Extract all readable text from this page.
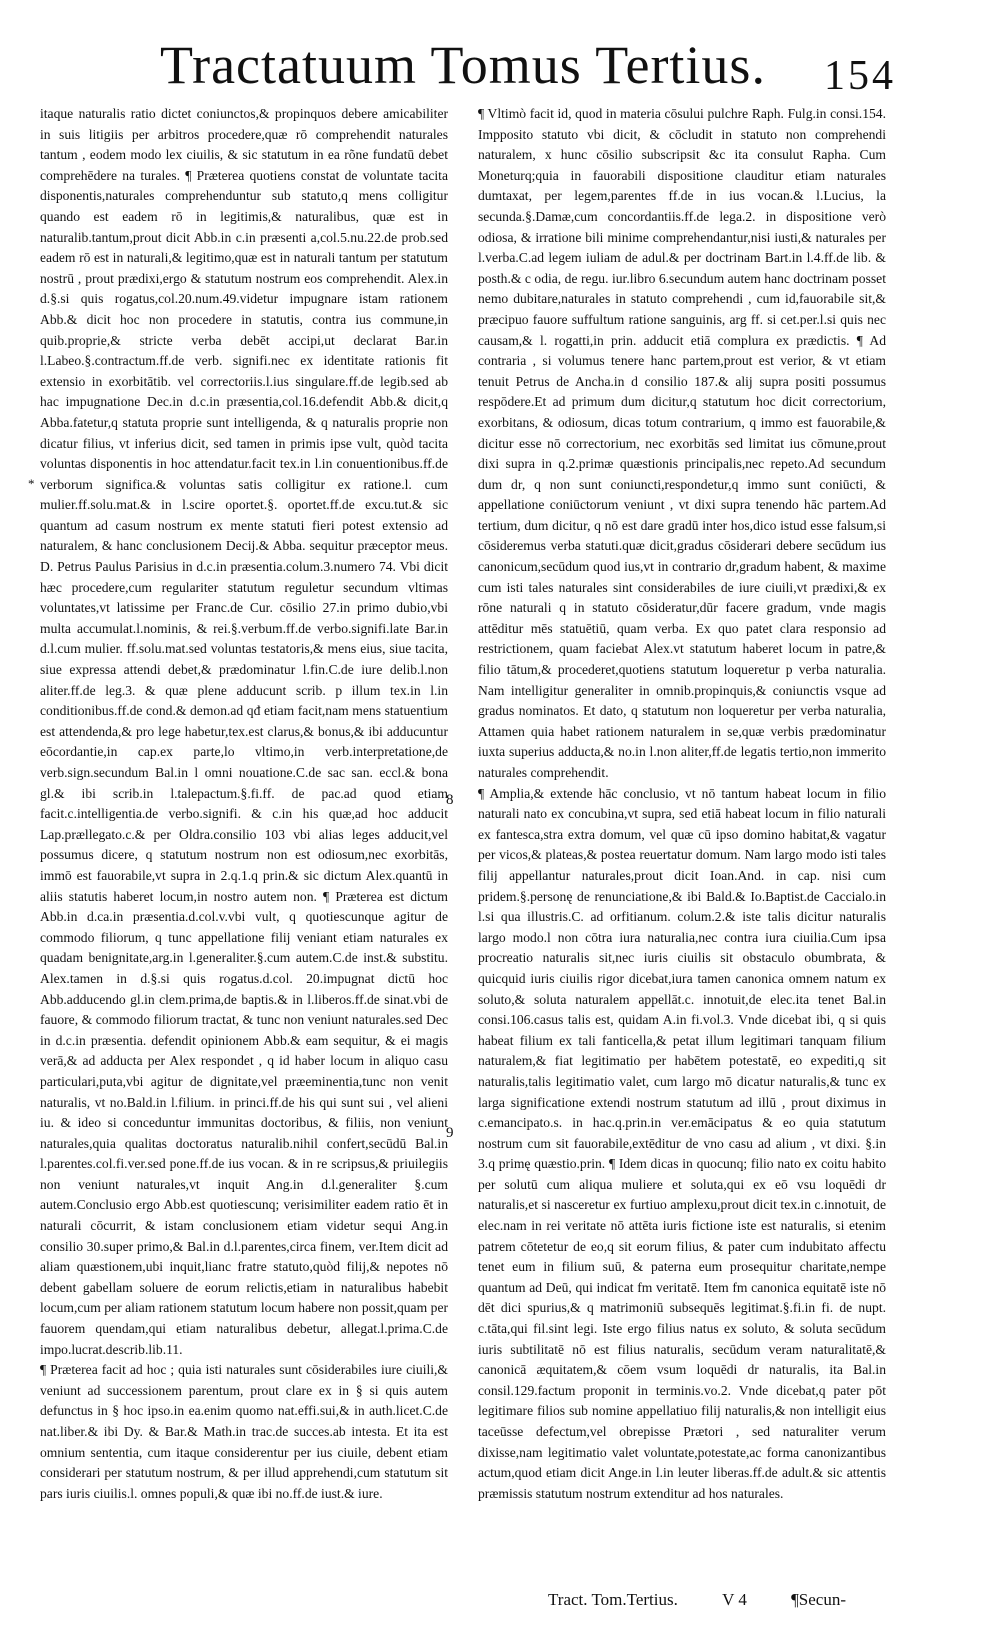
Tractatuum Tomus Tertius. 154

itaque naturalis ratio dictet coniunctos,& propinquos debere amicabiliter in suis litigiis per arbitros procedere,quæ rō comprehendit naturales tantum , eodem modo lex ciuilis, & sic statutum in ea rõne fundatū debet comprehēdere na turales. ¶ Præterea quotiens constat de voluntate tacita disponentis,naturales comprehenduntur sub statuto,q mens colligitur quando est eadem rō in legitimis,& naturalibus, quæ est in naturalib.tantum,prout dicit Abb.in c.in præsenti a,col.5.nu.22.de prob.sed eadem rō est in naturali,& legitimo,quæ est in naturali tantum per statutum nostrū , prout prædixi,ergo & statutum nostrum eos comprehendit. Alex.in d.§.si quis rogatus,col.20.num.49.videtur impugnare istam rationem Abb.& dicit hoc non procedere in statutis, contra ius commune,in quib.proprie,& stricte verba debēt accipi,ut declarat Bar.in l.Labeo.§.contractum.ff.de verb. signifi.nec ex identitate rationis fit extensio in exorbitātib. vel correctoriis.l.ius singulare.ff.de legib.sed ab hac impugnatione Dec.in d.c.in præsentia,col.16.defendit Abb.& dicit,q Abba.fatetur,q statuta proprie sunt intelligenda, & q naturalis proprie non dicatur filius, vt inferius dicit, sed tamen in primis ipse vult, quòd tacita voluntas disponentis in hoc attendatur.facit tex.in l.in conuentionibus.ff.de verborum significa.& voluntas satis colligitur ex ratione.l. cum mulier.ff.solu.mat.& in l.scire oportet.§. oportet.ff.de excu.tut.& sic quantum ad casum nostrum ex mente statuti fieri potest extensio ad naturalem, & hanc conclusionem Decij.& Abba. sequitur præceptor meus. D. Petrus Paulus Parisius in d.c.in præsentia.colum.3.numero 74. Vbi dicit hæc procedere,cum regulariter statutum reguletur secundum vltimas voluntates,vt latissime per Franc.de Cur. cōsilio 27.in primo dubio,vbi multa accumulat.l.nominis, & rei.§.verbum.ff.de verbo.signifi.late Bar.in d.l.cum mulier. ff.solu.mat.sed voluntas testatoris,& mens eius, siue tacita, siue expressa attendi debet,& prædominatur l.fin.C.de iure delib.l.non aliter.ff.de leg.3. & quæ plene adducunt scrib. p illum tex.in l.in conditionibus.ff.de cond.& demon.ad qđ etiam facit,nam mens statuentium est attendenda,& pro lege habetur,tex.est clarus,& bonus,& ibi adducuntur eōcordantie,in cap.ex parte,lo vltimo,in verb.interpretatione,de verb.sign.secundum Bal.in l omni nouatione.C.de sac san. eccl.& bona gl.& ibi scrib.in l.talepactum.§.fi.ff. de pac.ad quod etiam facit.c.intelligentia.de verbo.signifi. & c.in his quæ,ad hoc adducit Lap.prællegato.c.& per Oldra.consilio 103 vbi alias leges adducit,vel possumus dicere, q statutum nostrum non est odiosum,nec exorbitās, immō est fauorabile,vt supra in 2.q.1.q prin.& sic dictum Alex.quantū in aliis statutis haberet locum,in nostro autem non. ¶ Præterea est dictum Abb.in d.ca.in præsentia.d.col.v.vbi vult, q quotiescunque agitur de commodo filiorum, q tunc appellatione filij veniant etiam naturales ex quadam benignitate,arg.in l.generaliter.§.cum autem.C.de inst.& substitu. Alex.tamen in d.§.si quis rogatus.d.col. 20.impugnat dictū hoc Abb.adducendo gl.in clem.prima,de baptis.& in l.liberos.ff.de sinat.vbi de fauore, & commodo filiorum tractat, & tunc non veniunt naturales.sed Dec in d.c.in præsentia. defendit opinionem Abb.& eam sequitur, & ei magis verā,& ad adducta per Alex respondet , q id haber locum in aliquo casu particulari,puta,vbi agitur de dignitate,vel præeminentia,tunc non venit naturalis, vt no.Bald.in l.filium. in princi.ff.de his qui sunt sui , vel alieni iu. & ideo si conceduntur immunitas doctoribus, & filiis, non veniunt naturales,quia qualitas doctoratus naturalib.nihil confert,secūdū Bal.in l.parentes.col.fi.ver.sed pone.ff.de ius vocan. & in re scripsus,& priuilegiis non veniunt naturales,vt inquit Ang.in d.l.generaliter §.cum autem.Conclusio ergo Abb.est quotiescunq; verisimiliter eadem ratio ēt in naturali cōcurrit, & istam conclusionem etiam videtur sequi Ang.in consilio 30.super primo,& Bal.in d.l.parentes,circa finem, ver.Item dicit ad aliam quæstionem,ubi inquit,lianc fratre statuto,quòd filij,& nepotes nō debent gabellam soluere de eorum relictis,etiam in naturalibus habebit locum,cum per aliam rationem statutum locum habere non possit,quam per fauorem quendam,qui etiam naturalibus debetur, allegat.l.prima.C.de impo.lucrat.describ.lib.11.

¶ Præterea facit ad hoc ; quia isti naturales sunt cōsiderabiles iure ciuili,& veniunt ad successionem parentum, prout clare ex in § si quis autem defunctus in § hoc ipso.in ea.enim quomo nat.effi.sui,& in auth.licet.C.de nat.liber.& ibi Dy. & Bar.& Math.in trac.de succes.ab intesta. Et ita est omnium sententia, cum itaque considerentur per ius ciuile, debent etiam considerari per statutum nostrum, & per illud apprehendi,cum statutum sit pars iuris ciuilis.l. omnes populi,& quæ ibi no.ff.de iust.& iure.

*
8
9

¶ Vltimò facit id, quod in materia cōsului pulchre Raph. Fulg.in consi.154. Impposito statuto vbi dicit, & cōcludit in statuto non comprehendi naturalem, x hunc cōsilio subscripsit &c ita consulut Rapha. Cum Moneturq;quia in fauorabili dispositione clauditur etiam naturales dumtaxat, per legem,parentes ff.de in ius vocan.& l.Lucius, la secunda.§.Damæ,cum concordantiis.ff.de lega.2. in dispositione verò odiosa, & irratione bili minime comprehendantur,nisi iusti,& naturales per l.verba.C.ad legem iuliam de adul.& per doctrinam Bart.in l.4.ff.de lib. & posth.& c odia, de regu. iur.libro 6.secundum autem hanc doctrinam posset nemo dubitare,naturales in statuto comprehendi , cum id,fauorabile sit,& præcipuo fauore suffultum ratione sanguinis, arg ff. si cet.per.l.si quis nec causam,& l. rogatti,in prin. adducit etiā complura ex prædictis. ¶ Ad contraria , si volumus tenere hanc partem,prout est verior, & vt etiam tenuit Petrus de Ancha.in d consilio 187.& alij supra positi possumus respōdere.Et ad primum dum dicitur,q statutum hoc dicit correctorium, exorbitans, & odiosum, dicas totum contrarium, q immo est fauorabile,& dicitur esse nō correctorium, nec exorbitās sed limitat ius cōmune,prout dixi supra in q.2.primæ quæstionis principalis,nec repeto.Ad secundum dum dr, q non sunt coniuncti,respondetur,q immo sunt coniūcti, & appellatione coniūctorum veniunt , vt dixi supra tenendo hāc partem.Ad tertium, dum dicitur, q nō est dare gradū inter hos,dico istud esse falsum,si cōsideremus verba statuti.quæ dicit,gradus cōsiderari debere secūdum ius canonicum,secūdum quod ius,vt in contrario dr,gradum habent, & maxime cum isti tales naturales sint considerabiles de iure ciuili,vt prædixi,& ex rōne naturali q in statuto cōsideratur,dūr facere gradum, vnde magis attēditur mēs statuētiū, quam verba. Ex quo patet clara responsio ad restrictionem, quam faciebat Alex.vt statutum haberet locum in patre,& filio tātum,& procederet,quotiens statutum loqueretur p verba naturalia. Nam intelligitur generaliter in omnib.propinquis,& coniunctis vsque ad gradus nominatos. Et dato, q statutum non loqueretur per verba naturalia, Attamen quia habet rationem naturalem in se,quæ verbis prædominatur iuxta superius adducta,& no.in l.non aliter,ff.de legatis tertio,non immerito naturales comprehendit.

¶ Amplia,& extende hāc conclusio, vt nō tantum habeat locum in filio naturali nato ex concubina,vt supra, sed etiā habeat locum in filio naturali ex fantesca,stra extra domum, vel quæ cū ipso domino habitat,& vagatur per vicos,& plateas,& postea reuertatur domum. Nam largo modo isti tales filij appellantur naturales,prout dicit Ioan.And. in cap. nisi cum pridem.§.personę de renunciatione,& ibi Bald.& Io.Baptist.de Caccialo.in l.si qua illustris.C. ad orfitianum. colum.2.& iste talis dicitur naturalis largo modo.l non cōtra iura naturalia,nec contra iura ciuilia.Cum ipsa procreatio naturalis sit,nec iuris ciuilis sit obstaculo obumbrata, & quicquid iuris ciuilis rigor dicebat,iura tamen canonica omnem natum ex soluto,& soluta naturalem appellāt.c. innotuit,de elec.ita tenet Bal.in consi.106.casus talis est, quidam A.in fi.vol.3. Vnde dicebat ibi, q si quis habeat filium ex tali fanticella,& petat illum legitimari tanquam filium naturalem,& fiat legitimatio per habētem potestatē, eo expediti,q sit naturalis,talis legitimatio valet, cum largo mō dicatur naturalis,& tunc ex larga significatione extendi nostrum statutum ad illū , prout diximus in c.emancipato.s. in hac.q.prin.in ver.emācipatus & eo quia statutum nostrum cum sit fauorabile,extēditur de vno casu ad alium , vt dixi. §.in 3.q primę quæstio.prin. ¶ Idem dicas in quocunq; filio nato ex coitu habito per solutū cum aliqua muliere et soluta,qui ex eō vsu loquēdi dr naturalis,et si nasceretur ex furtiuo amplexu,prout dicit tex.in c.innotuit, de elec.nam in rei veritate nō attēta iuris fictione iste est naturalis, si etenim patrem cōtetetur de eo,q sit eorum filius, & pater cum indubitato affectu tenet eum in filium suū, & paterna eum prosequitur charitate,nempe quantum ad Deū, qui indicat fm veritatē. Item fm canonica equitatē iste nō dēt dici spurius,& q matrimoniū subsequēs legitimat.§.fi.in fi. de nupt. c.tāta,qui fil.sint legi. Iste ergo filius natus ex soluto, & soluta secūdum iuris subtilitatē nō est filius naturalis, secūdum veram naturalitatē,& canonicā æquitatem,& cōem vsum loquēdi dr naturalis, ita Bal.in consil.129.factum proponit in terminis.vo.2. Vnde dicebat,q pater pōt legitimare filios sub nomine appellatiuo filij naturalis,& non intelligit eius taceūsse defectum,vel obrepisse Prætori , sed naturaliter verum dixisse,nam legitimatio valet voluntate,potestate,ac forma canonizantibus actum,quod etiam dicit Ange.in l.in leuter liberas.ff.de adult.& sic attentis præmissis statutum nostrum extenditur ad hos naturales.

Tract. Tom.Tertius.	V 4	¶Secun-
